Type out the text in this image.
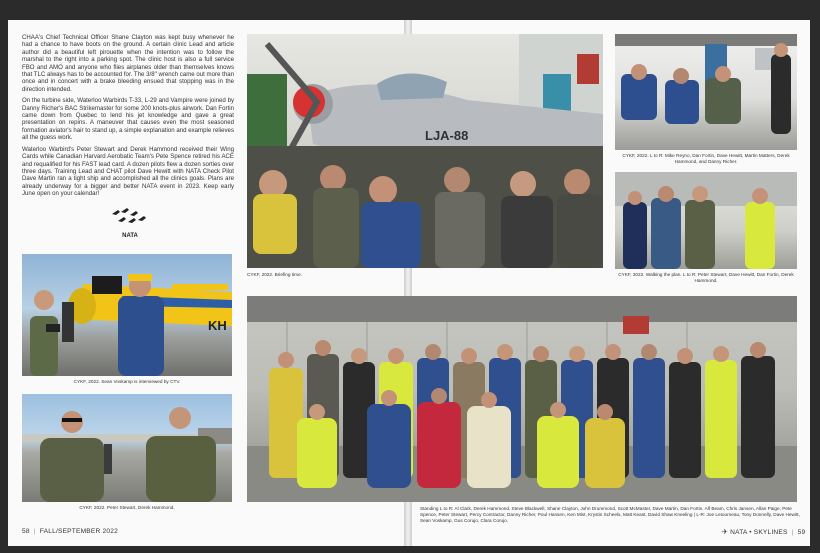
CHAA's Chief Technical Officer Shane Clayton was kept busy whenever he had a chance to have boots on the ground. A certain clinic Lead and article author did a beautiful left pirouette when the intention was to follow the marshal to the right into a parking spot. The clinic host is also a full service FBO and AMO and anyone who flies airplanes older than themselves knows that TLC always has to be accounted for. The 3/8" wrench came out more than once and in concert with a brake bleeding ensued that stopping was in the direction intended.

On the turbine side, Waterloo Warbirds T-33, L-29 and Vampire were joined by Danny Richer's BAC Strikemaster for some 200 knots-plus airwork. Dan Fortin came down from Quebec to lend his jet knowledge and gave a great presentation on repins. A maneuver that causes even the most seasoned formation aviator's hair to stand up, a simple explanation and example relieves all the guess work.

Waterloo Warbird's Peter Stewart and Derek Hammond received their Wing Cards while Canadian Harvard Aerobatic Team's Pete Spence retired his ACE and requalified for his FAST lead card. A dozen pilots flew a dozen sorties over three days. Training Lead and CHAT pilot Dave Hewitt with NATA Check Pilot Dave Martin ran a tight ship and accomplished all the clinics goals. Plans are already underway for a bigger and better NATA event in 2023. Keep early June open on your calendar!

NATA
KH
CYKF, 2022. Sean Voskamp is interviewed by CTV.
CYKF, 2022. Peter Stewart, Derek Hammond.
58 | FALL/SEPTEMBER 2022
LJA-88
CYKF, 2022. Briefing time.
CYKF, 2022. L to R: Mike Reyno, Dan Fortin, Dave Hewitt, Martin Matters, Derek Hammond, and Danny Richer.
CYKF, 2022. Walking the plan. L to R: Peter Stewart, Dave Hewitt, Dan Fortin, Derek Hammond.
Standing L to R: Al Clark, Derek Hammond, Steve Blackwell, Shane Clayton, John Drummond, Scott McMaster, Dave Martin, Dan Fortin, Alf Beam, Chris Jansen, Allan Paige, Pete Spence, Peter Stewart, Percy Contractor, Danny Richer, Poul Hansen, Ken Mist, Krystin Scheels, Matt Keast, David Shaw Kneeling | L-R: Joe Letourneau, Tony Donnelly, Dave Hewitt, Sean Voskamp, Gus Corujo, Clara Corujo.
✈ NATA • SKYLINES | 59
